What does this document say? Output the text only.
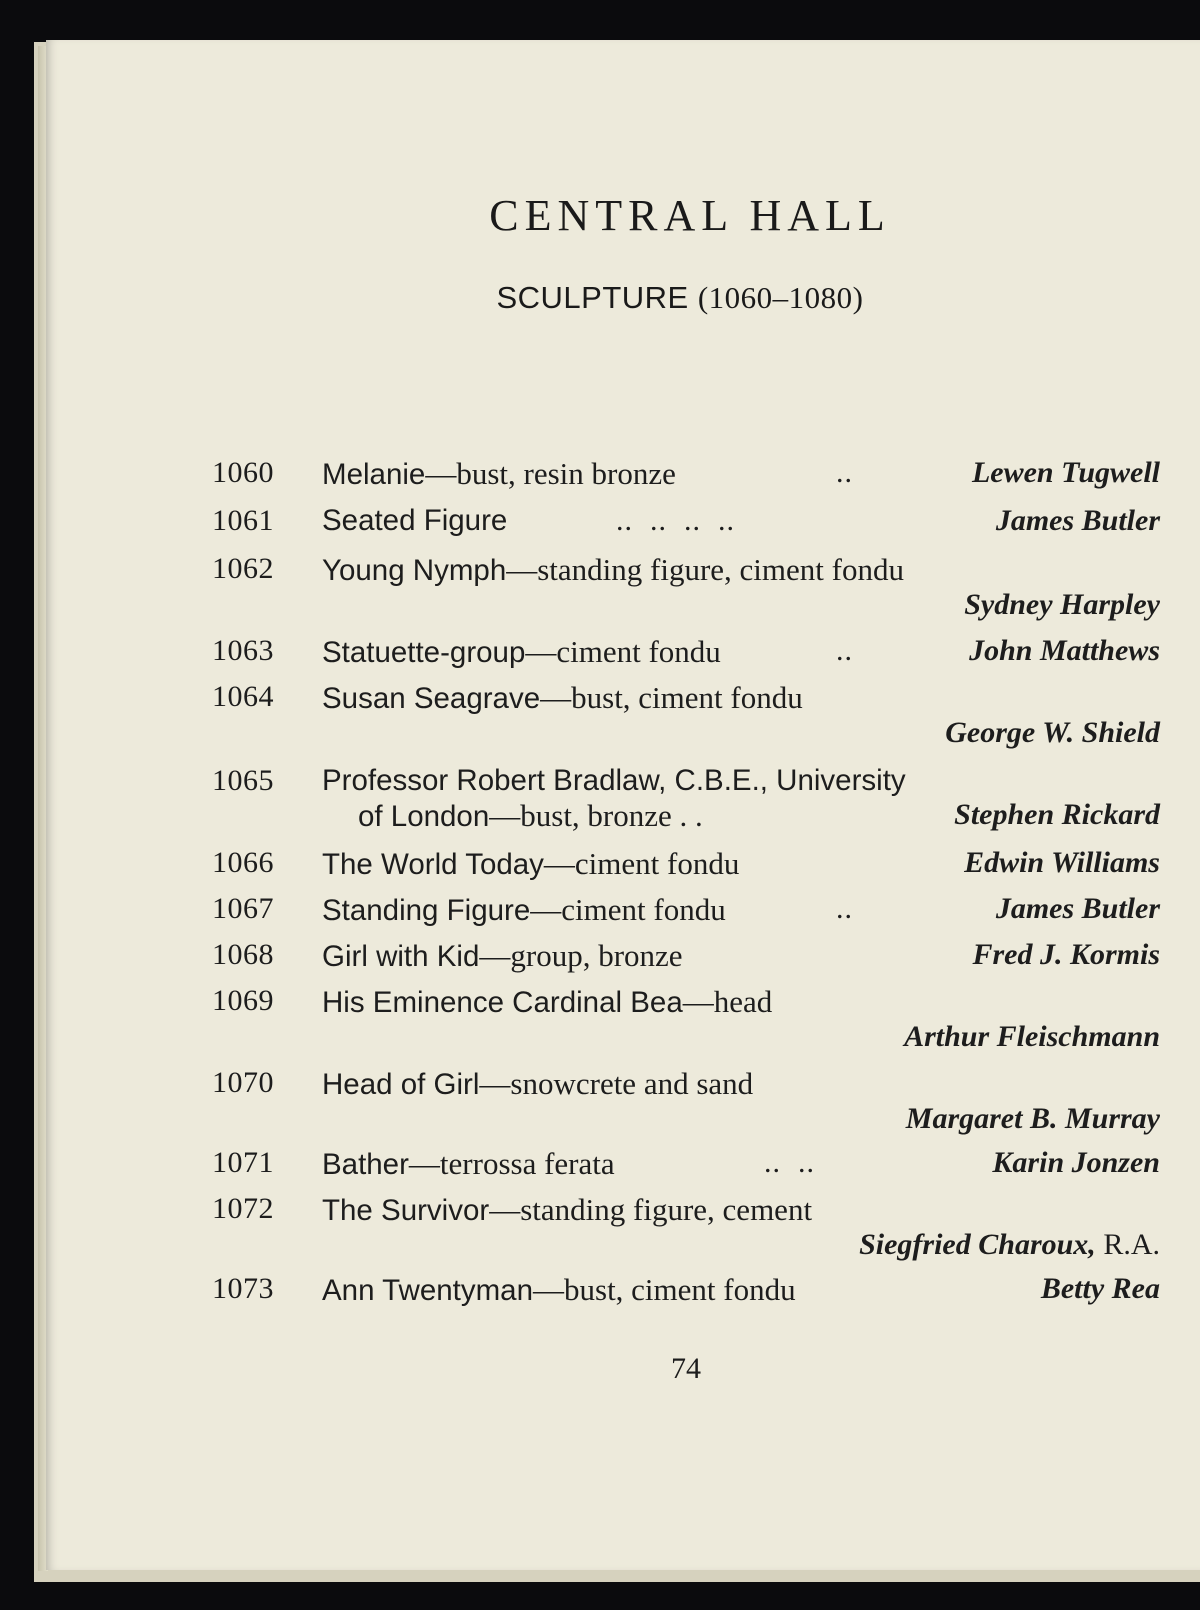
CENTRAL HALL
SCULPTURE (1060–1080)
1060 Melanie—bust, resin bronze	..	Lewen Tugwell
1061 Seated Figure	..  ..  ..  ..	James Butler
1062 Young Nymph—standing figure, ciment fondu
Sydney Harpley
1063 Statuette-group—ciment fondu	..	John Matthews
1064 Susan Seagrave—bust, ciment fondu
George W. Shield
1065 Professor Robert Bradlaw, C.B.E., University
of London—bust, bronze . .	Stephen Rickard
1066 The World Today—ciment fondu	Edwin Williams
1067 Standing Figure—ciment fondu	..	James Butler
1068 Girl with Kid—group, bronze	Fred J. Kormis
1069 His Eminence Cardinal Bea—head
Arthur Fleischmann
1070 Head of Girl—snowcrete and sand
Margaret B. Murray
1071 Bather—terrossa ferata	..  ..	Karin Jonzen
1072 The Survivor—standing figure, cement
Siegfried Charoux, R.A.
1073 Ann Twentyman—bust, ciment fondu	Betty Rea
74
